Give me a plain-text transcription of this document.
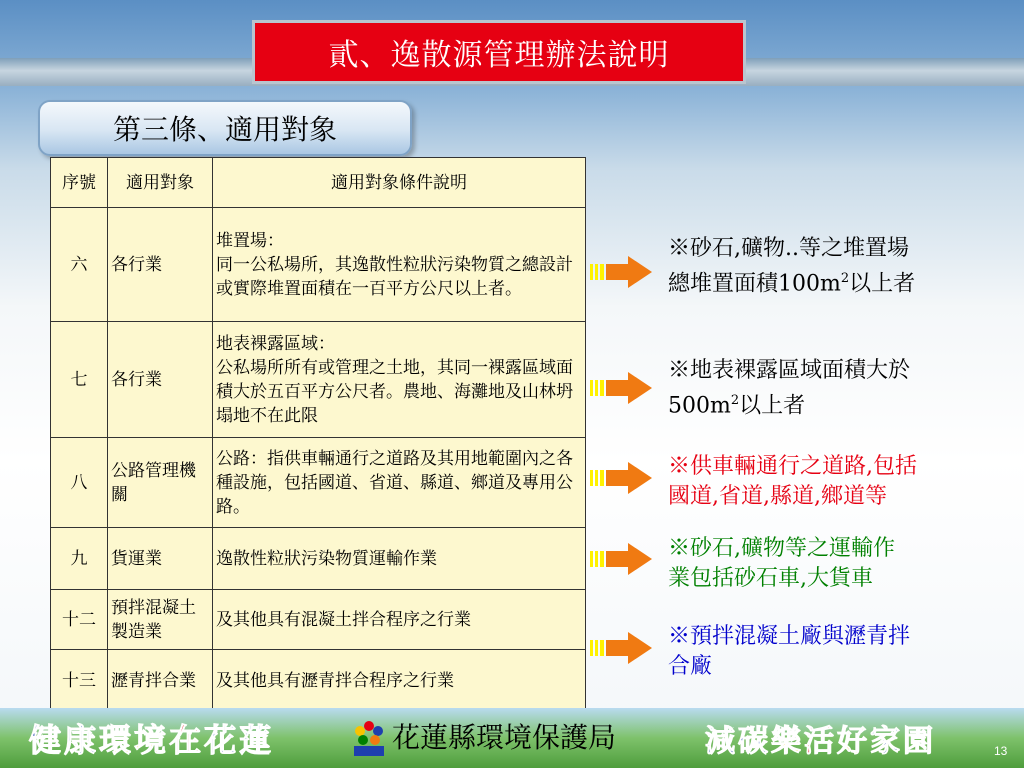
貳、逸散源管理辦法說明
第三條、適用對象
序號	適用對象	適用對象條件說明
六	各行業	堆置場：
同一公私場所，其逸散性粒狀污染物質之總設計或實際堆置面積在一百平方公尺以上者。

七	各行業	地表裸露區域：
公私場所所有或管理之土地，其同一裸露區域面積大於五百平方公尺者。農地、海灘地及山林坍塌地不在此限

八	公路管理機關	公路：指供車輛通行之道路及其用地範圍內之各種設施，包括國道、省道、縣道、鄉道及專用公路。
九	貨運業	逸散性粒狀污染物質運輸作業
十二	預拌混凝土製造業	及其他具有混凝土拌合程序之行業
十三	瀝青拌合業	及其他具有瀝青拌合程序之行業
※砂石,礦物..等之堆置場
總堆置面積$100m^2$以上者
※地表裸露區域面積大於
$500m^2$以上者
※供車輛通行之道路,包括
國道,省道,縣道,鄉道等
※砂石,礦物等之運輸作
業包括砂石車,大貨車
※預拌混凝土廠與瀝青拌
合廠
健 康 環 境 在 花 蓮	花蓮縣環境保護局	減 碳 樂 活 好 家 園	13
